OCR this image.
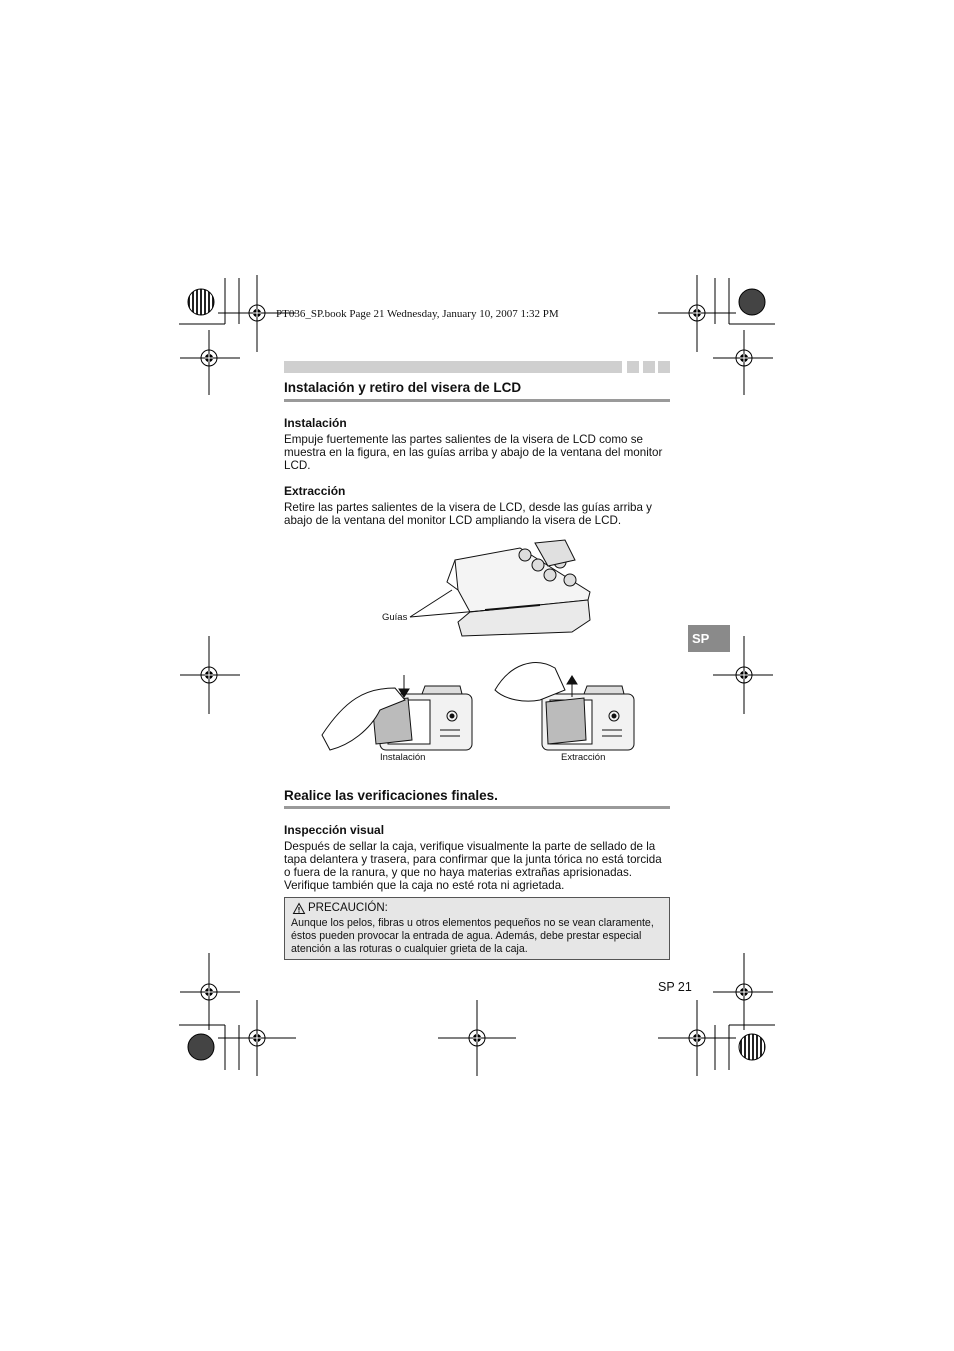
PT036_SP.book Page 21 Wednesday, January 10, 2007 1:32 PM
Instalación y retiro del visera de LCD
Instalación
Empuje fuertemente las partes salientes de la visera de LCD como se
muestra en la figura, en las guías arriba y abajo de la ventana del monitor
LCD.
Extracción
Retire las partes salientes de la visera de LCD, desde las guías arriba y
abajo de la ventana del monitor LCD ampliando la visera de LCD.
Guías
Instalación	Extracción
SP
Realice las verificaciones finales.
Inspección visual
Después de sellar la caja, verifique visualmente la parte de sellado de la
tapa delantera y trasera, para confirmar que la junta tórica no está torcida
o fuera de la ranura, y que no haya materias extrañas aprisionadas.
Verifique también que la caja no esté rota ni agrietada.
PRECAUCIÓN:
Aunque los pelos, fibras u otros elementos pequeños no se vean claramente,
éstos pueden provocar la entrada de agua. Además, debe prestar especial
atención a las roturas o cualquier grieta de la caja.
SP 21
